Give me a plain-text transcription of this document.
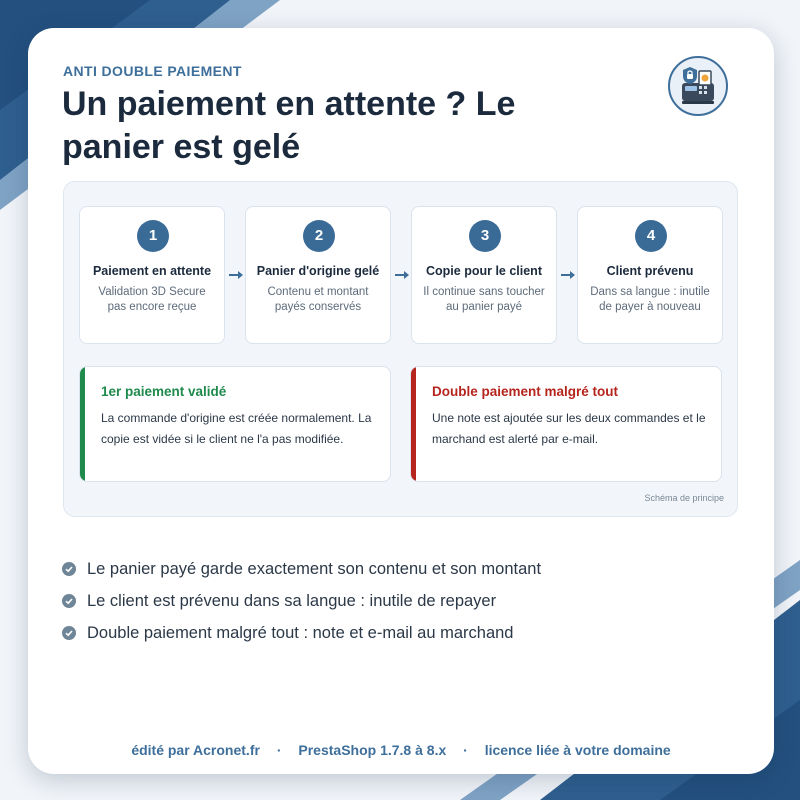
ANTI DOUBLE PAIEMENT
Un paiement en attente ? Le panier est gelé
1
Paiement en attente
Validation 3D Secure pas encore reçue
2
Panier d'origine gelé
Contenu et montant payés conservés
3
Copie pour le client
Il continue sans toucher au panier payé
4
Client prévenu
Dans sa langue : inutile de payer à nouveau
1er paiement validé
La commande d'origine est créée normalement. La copie est vidée si le client ne l'a pas modifiée.
Double paiement malgré tout
Une note est ajoutée sur les deux commandes et le marchand est alerté par e-mail.
Schéma de principe
Le panier payé garde exactement son contenu et son montant
Le client est prévenu dans sa langue : inutile de repayer
Double paiement malgré tout : note et e-mail au marchand
édité par Acronet.fr · PrestaShop 1.7.8 à 8.x · licence liée à votre domaine
